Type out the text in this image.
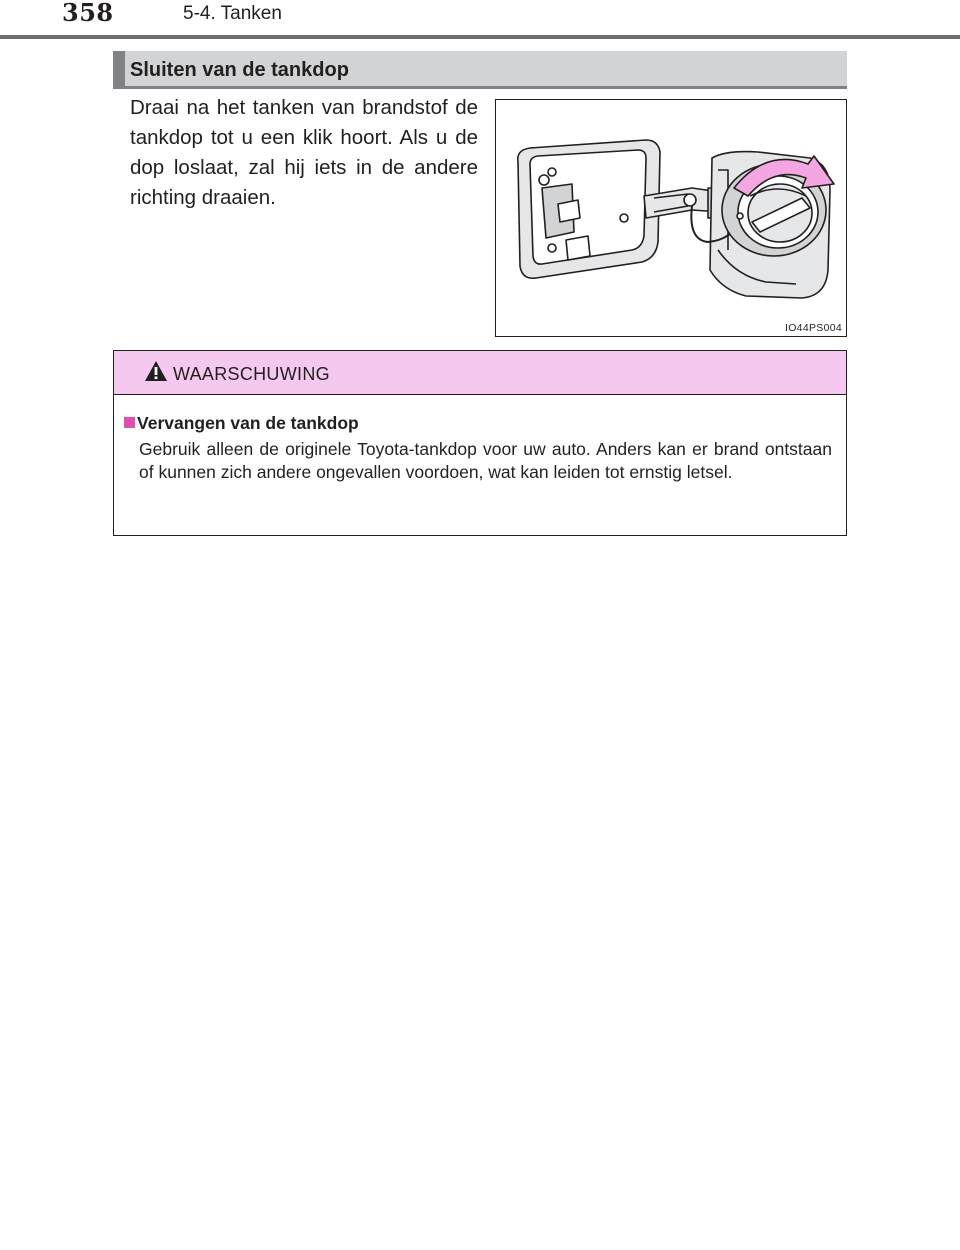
358	5-4. Tanken
Sluiten van de tankdop
Draai na het tanken van brandstof de tankdop tot u een klik hoort. Als u de dop loslaat, zal hij iets in de andere richting draaien.
IO44PS004
WAARSCHUWING
Vervangen van de tankdop
Gebruik alleen de originele Toyota-tankdop voor uw auto. Anders kan er brand ontstaan of kunnen zich andere ongevallen voordoen, wat kan leiden tot ernstig letsel.
